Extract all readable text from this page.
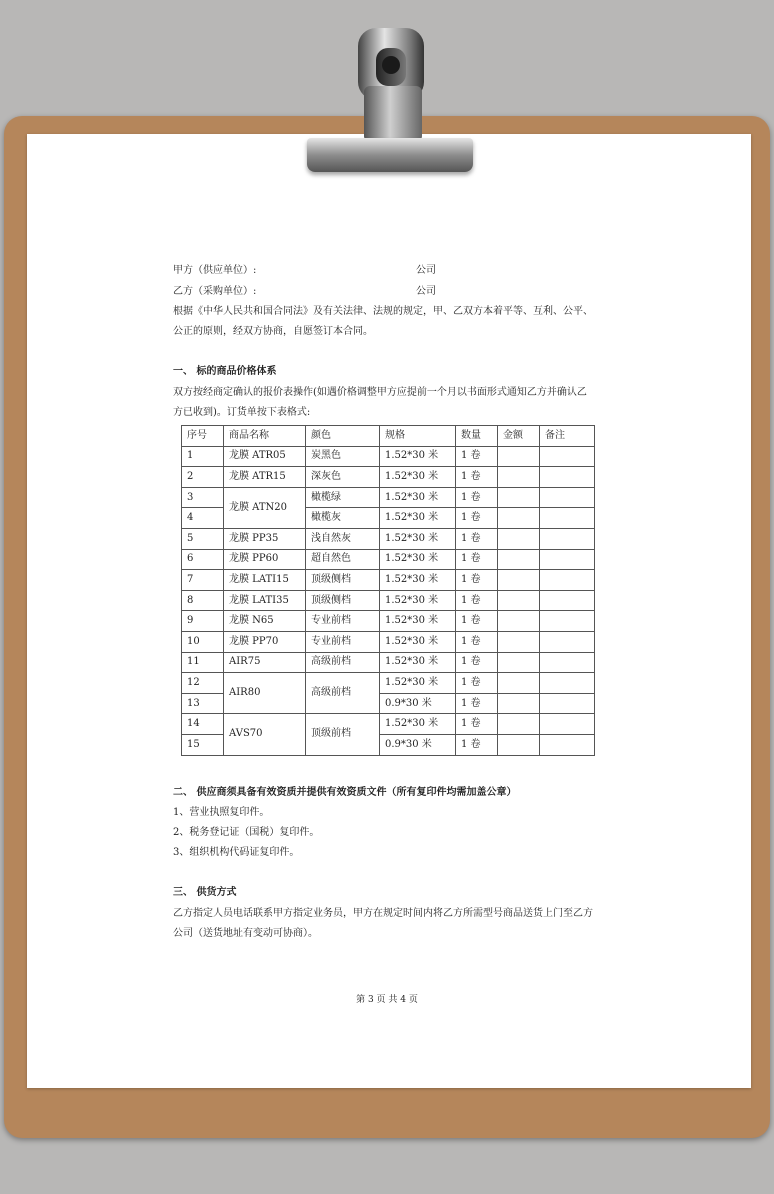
甲方（供应单位）:	公司
乙方（采购单位）:	公司
根据《中华人民共和国合同法》及有关法律、法规的规定，甲、乙双方本着平等、互利、公平、
公正的原则，经双方协商，自愿签订本合同。
一、 标的商品价格体系
双方按经商定确认的报价表操作(如遇价格调整甲方应提前一个月以书面形式通知乙方并确认乙
方已收到)。订货单按下表格式:
序号	商品名称	颜色	规格	数量	金额	备注
1	龙膜 ATR05	炭黑色	1.52*30 米	1 卷		
2	龙膜 ATR15	深灰色	1.52*30 米	1 卷		
3	龙膜 ATN20	橄榄绿	1.52*30 米	1 卷		
4		橄榄灰	1.52*30 米	1 卷		
5	龙膜 PP35	浅自然灰	1.52*30 米	1 卷		
6	龙膜 PP60	超自然色	1.52*30 米	1 卷		
7	龙膜 LATI15	顶级侧档	1.52*30 米	1 卷		
8	龙膜 LATI35	顶级侧档	1.52*30 米	1 卷		
9	龙膜 N65	专业前档	1.52*30 米	1 卷		
10	龙膜 PP70	专业前档	1.52*30 米	1 卷		
11	AIR75	高级前档	1.52*30 米	1 卷		
12	AIR80	高级前档	1.52*30 米	1 卷		
13			0.9*30 米	1 卷		
14	AVS70	顶级前档	1.52*30 米	1 卷		
15			0.9*30 米	1 卷		
二、 供应商须具备有效资质并提供有效资质文件（所有复印件均需加盖公章）
1、营业执照复印件。
2、税务登记证（国税）复印件。
3、组织机构代码证复印件。
三、 供货方式
乙方指定人员电话联系甲方指定业务员，甲方在规定时间内将乙方所需型号商品送货上门至乙方
公司（送货地址有变动可协商）。
第 3 页 共 4 页
